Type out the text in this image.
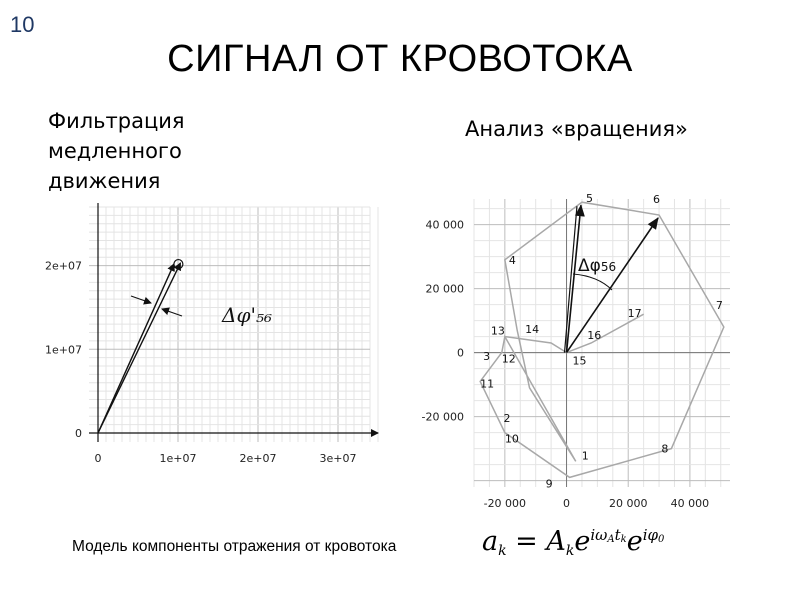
10
СИГНАЛ ОТ КРОВОТОКА
Фильтрация
медленного
движения
Анализ «вращения»
0	1e+07	2e+07	3e+07
0
1e+07
2e+07
Δφ'₅₆
-20 000	0	20 000 40 000
40 000
20 000
0
-20 000
1
2
3
4
5	6
7
8
9
10
11
12
13 14
15
16
17
Δφ56
Модель компоненты отражения от кровотока	$a_k = A_ke^{i\omega_At_k}e^{i\varphi_0}$
